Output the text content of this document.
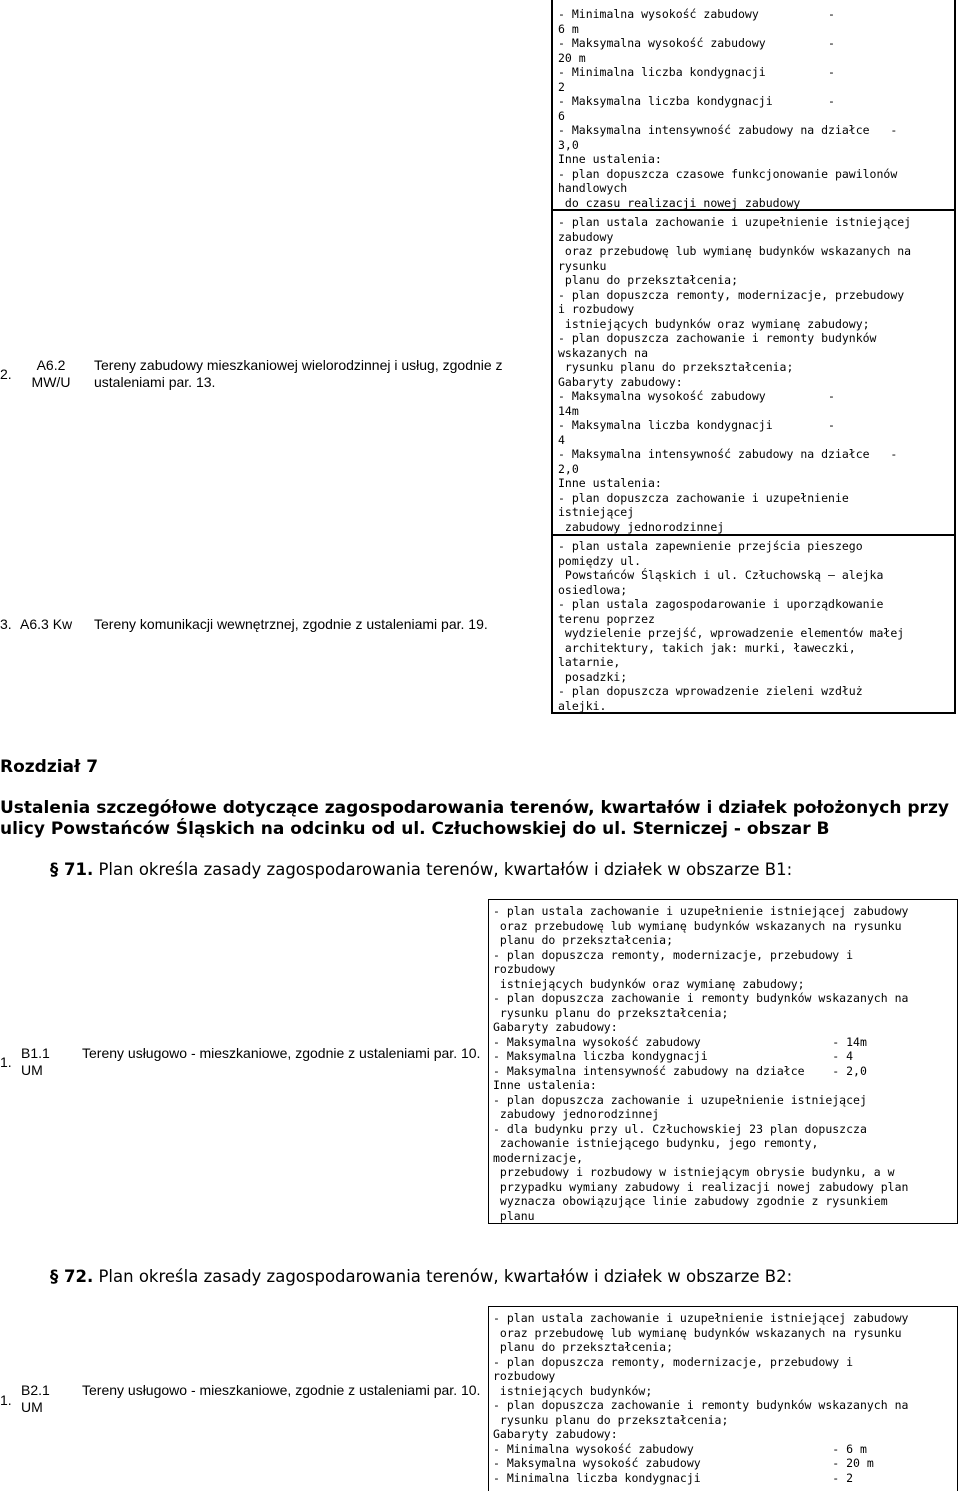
- Minimalna wysokość zabudowy          -
6 m
- Maksymalna wysokość zabudowy         -
20 m
- Minimalna liczba kondygnacji         -
2
- Maksymalna liczba kondygnacji        -
6
- Maksymalna intensywność zabudowy na działce   -
3,0
Inne ustalenia:
- plan dopuszcza czasowe funkcjonowanie pawilonów
handlowych
do czasu realizacji nowej zabudowy
2.
A6.2
MW/U
Tereny zabudowy mieszkaniowej wielorodzinnej i usług, zgodnie z ustaleniami par. 13.
- plan ustala zachowanie i uzupełnienie istniejącej
zabudowy
oraz przebudowę lub wymianę budynków wskazanych na
rysunku
planu do przekształcenia;
- plan dopuszcza remonty, modernizacje, przebudowy
i rozbudowy
istniejących budynków oraz wymianę zabudowy;
- plan dopuszcza zachowanie i remonty budynków
wskazanych na
rysunku planu do przekształcenia;
Gabaryty zabudowy:
- Maksymalna wysokość zabudowy         -
14m
- Maksymalna liczba kondygnacji        -
4
- Maksymalna intensywność zabudowy na działce   -
2,0
Inne ustalenia:
- plan dopuszcza zachowanie i uzupełnienie
istniejącej
zabudowy jednorodzinnej
3. A6.3 Kw Tereny komunikacji wewnętrznej, zgodnie z ustaleniami par. 19.
- plan ustala zapewnienie przejścia pieszego
pomiędzy ul.
Powstańców Śląskich i ul. Człuchowską – alejka
osiedlowa;
- plan ustala zagospodarowanie i uporządkowanie
terenu poprzez
wydzielenie przejść, wprowadzenie elementów małej
architektury, takich jak: murki, ławeczki,
latarnie,
posadzki;
- plan dopuszcza wprowadzenie zieleni wzdłuż
alejki.
Rozdział 7
Ustalenia szczegółowe dotyczące zagospodarowania terenów, kwartałów i działek położonych przy
ulicy Powstańców Śląskich na odcinku od ul. Człuchowskiej do ul. Sterniczej - obszar B
§ 71. Plan określa zasady zagospodarowania terenów, kwartałów i działek w obszarze B1:
1.
B1.1
UM
Tereny usługowo - mieszkaniowe, zgodnie z ustaleniami par. 10.
- plan ustala zachowanie i uzupełnienie istniejącej zabudowy
oraz przebudowę lub wymianę budynków wskazanych na rysunku
planu do przekształcenia;
- plan dopuszcza remonty, modernizacje, przebudowy i
rozbudowy
istniejących budynków oraz wymianę zabudowy;
- plan dopuszcza zachowanie i remonty budynków wskazanych na
rysunku planu do przekształcenia;
Gabaryty zabudowy:
- Maksymalna wysokość zabudowy                   - 14m
- Maksymalna liczba kondygnacji                  - 4
- Maksymalna intensywność zabudowy na działce    - 2,0
Inne ustalenia:
- plan dopuszcza zachowanie i uzupełnienie istniejącej
zabudowy jednorodzinnej
- dla budynku przy ul. Człuchowskiej 23 plan dopuszcza
zachowanie istniejącego budynku, jego remonty,
modernizacje,
przebudowy i rozbudowy w istniejącym obrysie budynku, a w
przypadku wymiany zabudowy i realizacji nowej zabudowy plan
wyznacza obowiązujące linie zabudowy zgodnie z rysunkiem
planu
§ 72. Plan określa zasady zagospodarowania terenów, kwartałów i działek w obszarze B2:
1.
B2.1
UM
Tereny usługowo - mieszkaniowe, zgodnie z ustaleniami par. 10.
- plan ustala zachowanie i uzupełnienie istniejącej zabudowy
oraz przebudowę lub wymianę budynków wskazanych na rysunku
planu do przekształcenia;
- plan dopuszcza remonty, modernizacje, przebudowy i
rozbudowy
istniejących budynków;
- plan dopuszcza zachowanie i remonty budynków wskazanych na
rysunku planu do przekształcenia;
Gabaryty zabudowy:
- Minimalna wysokość zabudowy                    - 6 m
- Maksymalna wysokość zabudowy                   - 20 m
- Minimalna liczba kondygnacji                   - 2
